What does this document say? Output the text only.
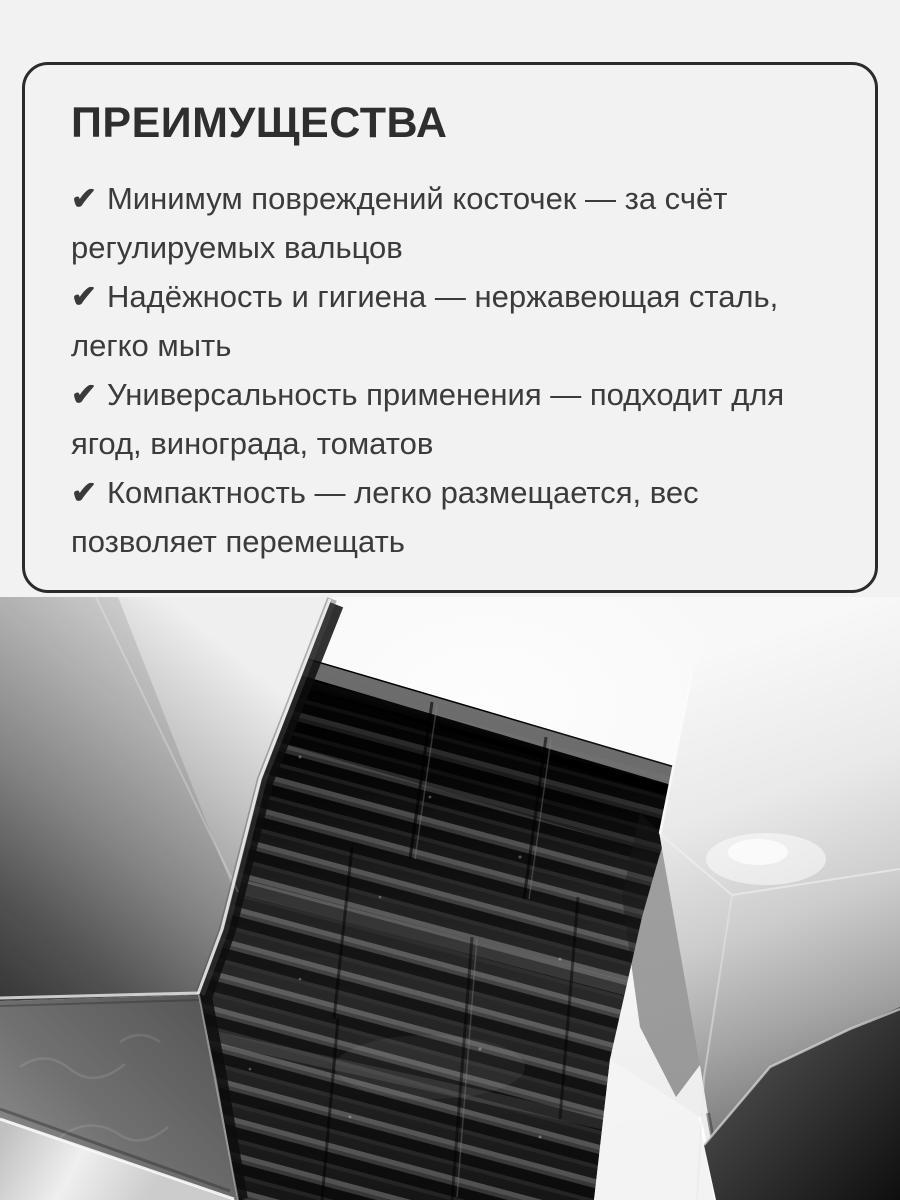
ПРЕИМУЩЕСТВА
✔ Минимум повреждений косточек — за счёт регулируемых вальцов
✔ Надёжность и гигиена — нержавеющая сталь, легко мыть
✔ Универсальность применения — подходит для ягод, винограда, томатов
✔ Компактность — легко размещается, вес позволяет перемещать
